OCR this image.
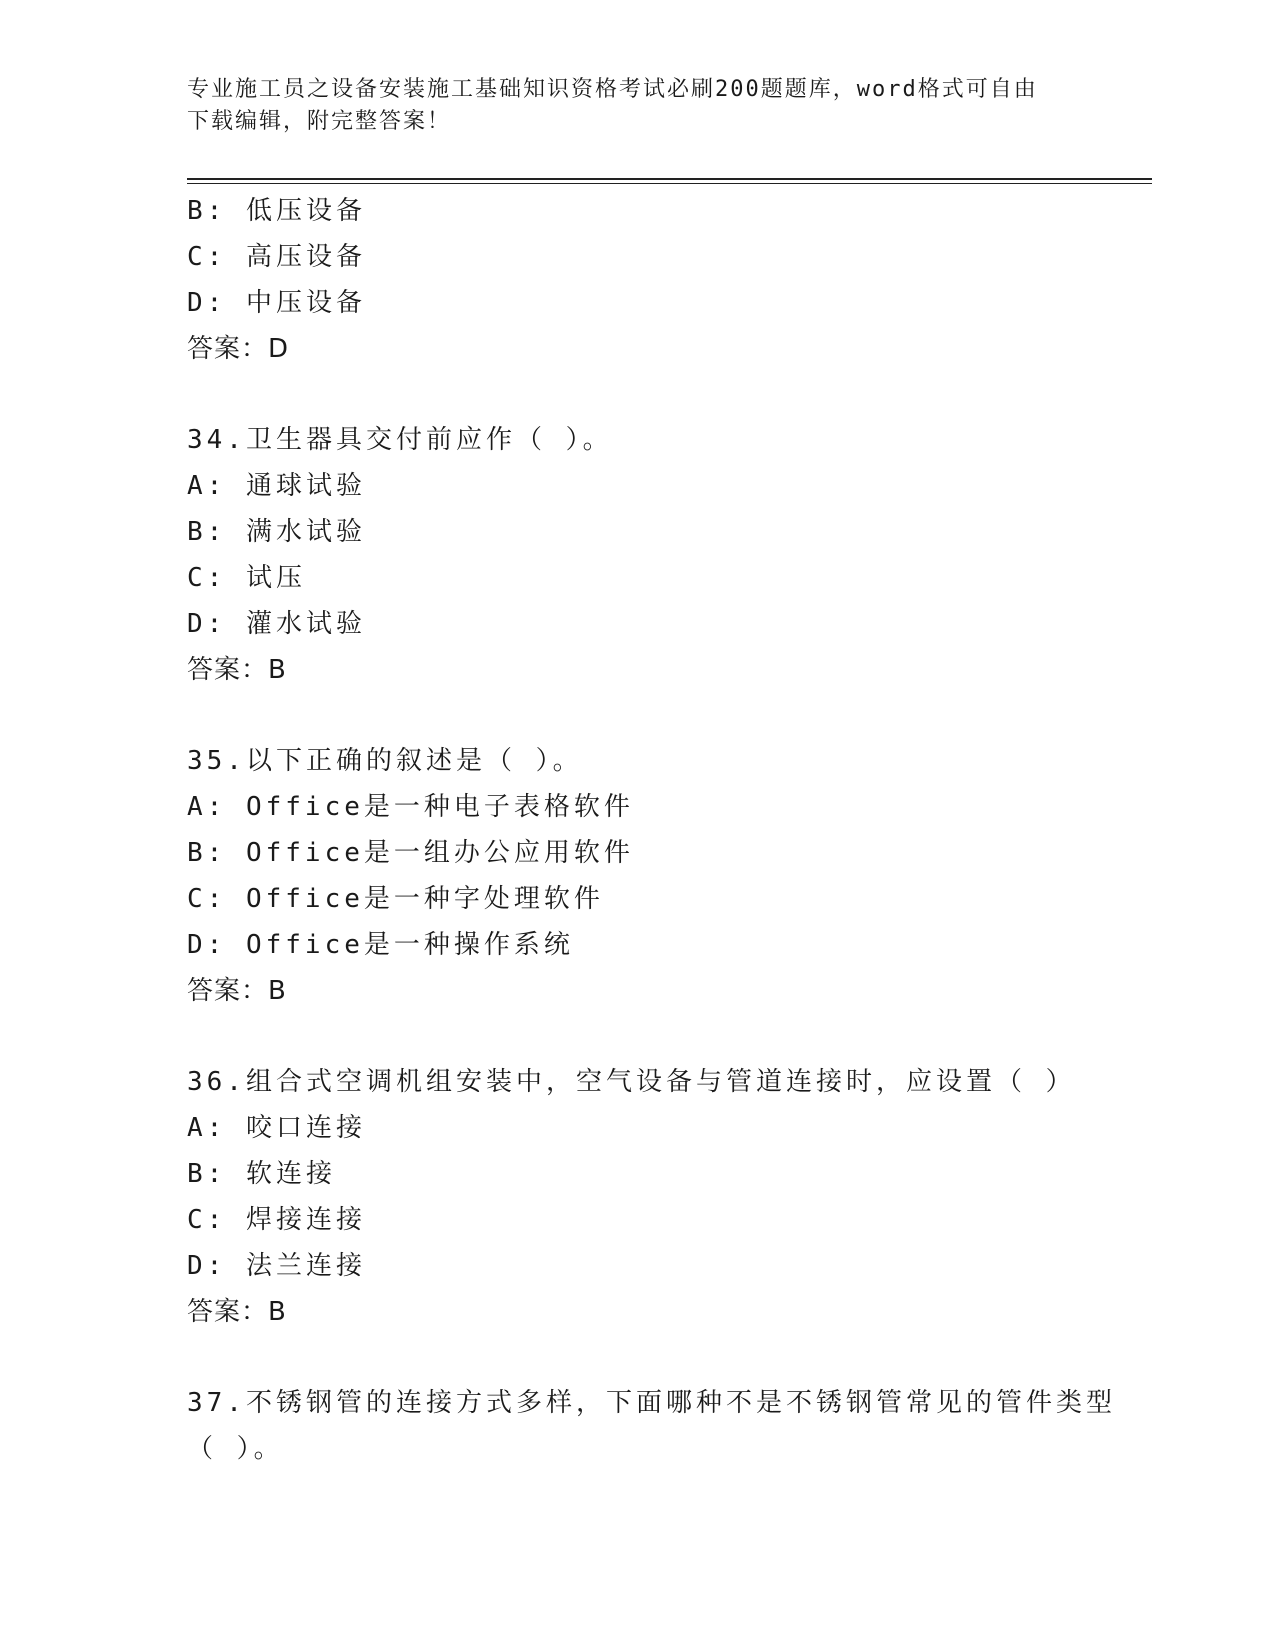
专业施工员之设备安装施工基础知识资格考试必刷200题题库，word格式可自由
下载编辑，附完整答案！
B: 低压设备
C: 高压设备
D: 中压设备
答案：D
34.卫生器具交付前应作（ ）。
A: 通球试验
B: 满水试验
C: 试压
D: 灌水试验
答案：B
35.以下正确的叙述是（ ）。
A: Office是一种电子表格软件
B: Office是一组办公应用软件
C: Office是一种字处理软件
D: Office是一种操作系统
答案：B
36.组合式空调机组安装中，空气设备与管道连接时，应设置（ ）
A: 咬口连接
B: 软连接
C: 焊接连接
D: 法兰连接
答案：B
37.不锈钢管的连接方式多样，下面哪种不是不锈钢管常见的管件类型
（ ）。
